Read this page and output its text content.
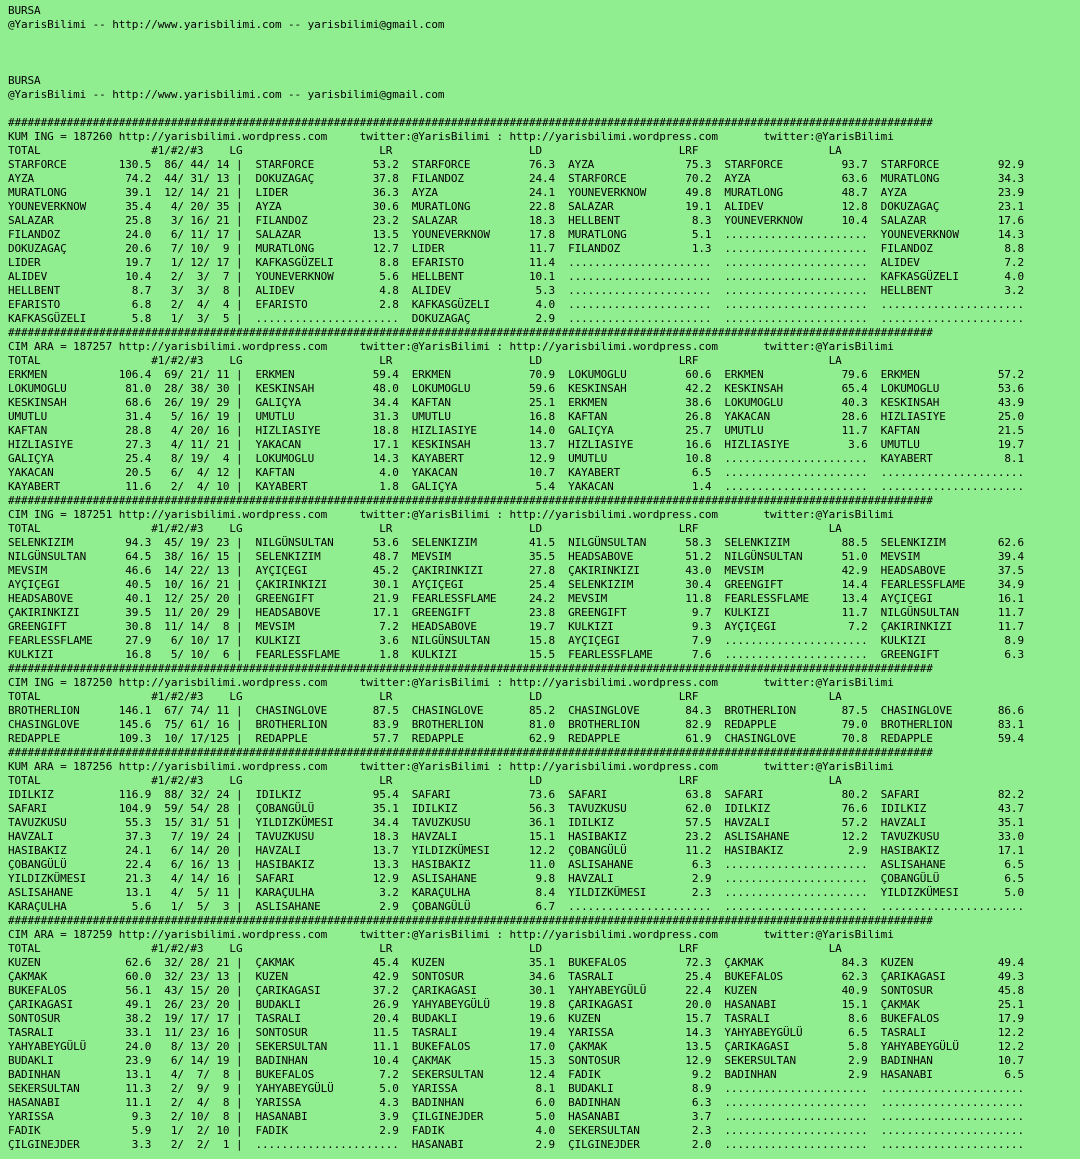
BURSA
@YarisBilimi -- http://www.yarisbilimi.com -- yarisbilimi@gmail.com
BURSA
@YarisBilimi -- http://www.yarisbilimi.com -- yarisbilimi@gmail.com
##############################################################################################################################################
KUM ING = 187260 http://yarisbilimi.wordpress.com     twitter:@YarisBilimi : http://yarisbilimi.wordpress.com       twitter:@YarisBilimi
TOTAL                 #1/#2/#3    LG                     LR                     LD                     LRF                    LA
STARFORCE        130.5  86/ 44/ 14 |  STARFORCE         53.2  STARFORCE         76.3  AYZA              75.3  STARFORCE         93.7  STARFORCE         92.9
AYZA              74.2  44/ 31/ 13 |  DOKUZAGAÇ         37.8  FILANDOZ          24.4  STARFORCE         70.2  AYZA              63.6  MURATLONG         34.3
MURATLONG         39.1  12/ 14/ 21 |  LIDER             36.3  AYZA              24.1  YOUNEVERKNOW      49.8  MURATLONG         48.7  AYZA              23.9
YOUNEVERKNOW      35.4   4/ 20/ 35 |  AYZA              30.6  MURATLONG         22.8  SALAZAR           19.1  ALIDEV            12.8  DOKUZAGAÇ         23.1
SALAZAR           25.8   3/ 16/ 21 |  FILANDOZ          23.2  SALAZAR           18.3  HELLBENT           8.3  YOUNEVERKNOW      10.4  SALAZAR           17.6
FILANDOZ          24.0   6/ 11/ 17 |  SALAZAR           13.5  YOUNEVERKNOW      17.8  MURATLONG          5.1  ......................  YOUNEVERKNOW      14.3
DOKUZAGAÇ         20.6   7/ 10/  9 |  MURATLONG         12.7  LIDER             11.7  FILANDOZ           1.3  ......................  FILANDOZ           8.8
LIDER             19.7   1/ 12/ 17 |  KAFKASGÜZELI       8.8  EFARISTO          11.4  ......................  ......................  ALIDEV             7.2
ALIDEV            10.4   2/  3/  7 |  YOUNEVERKNOW       5.6  HELLBENT          10.1  ......................  ......................  KAFKASGÜZELI       4.0
HELLBENT           8.7   3/  3/  8 |  ALIDEV             4.8  ALIDEV             5.3  ......................  ......................  HELLBENT           3.2
EFARISTO           6.8   2/  4/  4 |  EFARISTO           2.8  KAFKASGÜZELI       4.0  ......................  ......................  ......................
KAFKASGÜZELI       5.8   1/  3/  5 |  ......................  DOKUZAGAÇ          2.9  ......................  ......................  ......................
##############################################################################################################################################
CIM ARA = 187257 http://yarisbilimi.wordpress.com     twitter:@YarisBilimi : http://yarisbilimi.wordpress.com       twitter:@YarisBilimi
TOTAL                 #1/#2/#3    LG                     LR                     LD                     LRF                    LA
ERKMEN           106.4  69/ 21/ 11 |  ERKMEN            59.4  ERKMEN            70.9  LOKUMOGLU         60.6  ERKMEN            79.6  ERKMEN            57.2
LOKUMOGLU         81.0  28/ 38/ 30 |  KESKINSAH         48.0  LOKUMOGLU         59.6  KESKINSAH         42.2  KESKINSAH         65.4  LOKUMOGLU         53.6
KESKINSAH         68.6  26/ 19/ 29 |  GALIÇYA           34.4  KAFTAN            25.1  ERKMEN            38.6  LOKUMOGLU         40.3  KESKINSAH         43.9
UMUTLU            31.4   5/ 16/ 19 |  UMUTLU            31.3  UMUTLU            16.8  KAFTAN            26.8  YAKACAN           28.6  HIZLIASIYE        25.0
KAFTAN            28.8   4/ 20/ 16 |  HIZLIASIYE        18.8  HIZLIASIYE        14.0  GALIÇYA           25.7  UMUTLU            11.7  KAFTAN            21.5
HIZLIASIYE        27.3   4/ 11/ 21 |  YAKACAN           17.1  KESKINSAH         13.7  HIZLIASIYE        16.6  HIZLIASIYE         3.6  UMUTLU            19.7
GALIÇYA           25.4   8/ 19/  4 |  LOKUMOGLU         14.3  KAYABERT          12.9  UMUTLU            10.8  ......................  KAYABERT           8.1
YAKACAN           20.5   6/  4/ 12 |  KAFTAN             4.0  YAKACAN           10.7  KAYABERT           6.5  ......................  ......................
KAYABERT          11.6   2/  4/ 10 |  KAYABERT           1.8  GALIÇYA            5.4  YAKACAN            1.4  ......................  ......................
##############################################################################################################################################
CIM ING = 187251 http://yarisbilimi.wordpress.com     twitter:@YarisBilimi : http://yarisbilimi.wordpress.com       twitter:@YarisBilimi
TOTAL                 #1/#2/#3    LG                     LR                     LD                     LRF                    LA
SELENKIZIM        94.3  45/ 19/ 23 |  NILGÜNSULTAN      53.6  SELENKIZIM        41.5  NILGÜNSULTAN      58.3  SELENKIZIM        88.5  SELENKIZIM        62.6
NILGÜNSULTAN      64.5  38/ 16/ 15 |  SELENKIZIM        48.7  MEVSIM            35.5  HEADSABOVE        51.2  NILGÜNSULTAN      51.0  MEVSIM            39.4
MEVSIM            46.6  14/ 22/ 13 |  AYÇIÇEGI          45.2  ÇAKIRINKIZI       27.8  ÇAKIRINKIZI       43.0  MEVSIM            42.9  HEADSABOVE        37.5
AYÇIÇEGI          40.5  10/ 16/ 21 |  ÇAKIRINKIZI       30.1  AYÇIÇEGI          25.4  SELENKIZIM        30.4  GREENGIFT         14.4  FEARLESSFLAME     34.9
HEADSABOVE        40.1  12/ 25/ 20 |  GREENGIFT         21.9  FEARLESSFLAME     24.2  MEVSIM            11.8  FEARLESSFLAME     13.4  AYÇIÇEGI          16.1
ÇAKIRINKIZI       39.5  11/ 20/ 29 |  HEADSABOVE        17.1  GREENGIFT         23.8  GREENGIFT          9.7  KULKIZI           11.7  NILGÜNSULTAN      11.7
GREENGIFT         30.8  11/ 14/  8 |  MEVSIM             7.2  HEADSABOVE        19.7  KULKIZI            9.3  AYÇIÇEGI           7.2  ÇAKIRINKIZI       11.7
FEARLESSFLAME     27.9   6/ 10/ 17 |  KULKIZI            3.6  NILGÜNSULTAN      15.8  AYÇIÇEGI           7.9  ......................  KULKIZI            8.9
KULKIZI           16.8   5/ 10/  6 |  FEARLESSFLAME      1.8  KULKIZI           15.5  FEARLESSFLAME      7.6  ......................  GREENGIFT          6.3
##############################################################################################################################################
CIM ING = 187250 http://yarisbilimi.wordpress.com     twitter:@YarisBilimi : http://yarisbilimi.wordpress.com       twitter:@YarisBilimi
TOTAL                 #1/#2/#3    LG                     LR                     LD                     LRF                    LA
BROTHERLION      146.1  67/ 74/ 11 |  CHASINGLOVE       87.5  CHASINGLOVE       85.2  CHASINGLOVE       84.3  BROTHERLION       87.5  CHASINGLOVE       86.6
CHASINGLOVE      145.6  75/ 61/ 16 |  BROTHERLION       83.9  BROTHERLION       81.0  BROTHERLION       82.9  REDAPPLE          79.0  BROTHERLION       83.1
REDAPPLE         109.3  10/ 17/125 |  REDAPPLE          57.7  REDAPPLE          62.9  REDAPPLE          61.9  CHASINGLOVE       70.8  REDAPPLE          59.4
##############################################################################################################################################
KUM ARA = 187256 http://yarisbilimi.wordpress.com     twitter:@YarisBilimi : http://yarisbilimi.wordpress.com       twitter:@YarisBilimi
TOTAL                 #1/#2/#3    LG                     LR                     LD                     LRF                    LA
IDILKIZ          116.9  88/ 32/ 24 |  IDILKIZ           95.4  SAFARI            73.6  SAFARI            63.8  SAFARI            80.2  SAFARI            82.2
SAFARI           104.9  59/ 54/ 28 |  ÇOBANGÜLÜ         35.1  IDILKIZ           56.3  TAVUZKUSU         62.0  IDILKIZ           76.6  IDILKIZ           43.7
TAVUZKUSU         55.3  15/ 31/ 51 |  YILDIZKÜMESI      34.4  TAVUZKUSU         36.1  IDILKIZ           57.5  HAVZALI           57.2  HAVZALI           35.1
HAVZALI           37.3   7/ 19/ 24 |  TAVUZKUSU         18.3  HAVZALI           15.1  HASIBAKIZ         23.2  ASLISAHANE        12.2  TAVUZKUSU         33.0
HASIBAKIZ         24.1   6/ 14/ 20 |  HAVZALI           13.7  YILDIZKÜMESI      12.2  ÇOBANGÜLÜ         11.2  HASIBAKIZ          2.9  HASIBAKIZ         17.1
ÇOBANGÜLÜ         22.4   6/ 16/ 13 |  HASIBAKIZ         13.3  HASIBAKIZ         11.0  ASLISAHANE         6.3  ......................  ASLISAHANE         6.5
YILDIZKÜMESI      21.3   4/ 14/ 16 |  SAFARI            12.9  ASLISAHANE         9.8  HAVZALI            2.9  ......................  ÇOBANGÜLÜ          6.5
ASLISAHANE        13.1   4/  5/ 11 |  KARAÇULHA          3.2  KARAÇULHA          8.4  YILDIZKÜMESI       2.3  ......................  YILDIZKÜMESI       5.0
KARAÇULHA          5.6   1/  5/  3 |  ASLISAHANE         2.9  ÇOBANGÜLÜ          6.7  ......................  ......................  ......................
##############################################################################################################################################
CIM ARA = 187259 http://yarisbilimi.wordpress.com     twitter:@YarisBilimi : http://yarisbilimi.wordpress.com       twitter:@YarisBilimi
TOTAL                 #1/#2/#3    LG                     LR                     LD                     LRF                    LA
KUZEN             62.6  32/ 28/ 21 |  ÇAKMAK            45.4  KUZEN             35.1  BUKEFALOS         72.3  ÇAKMAK            84.3  KUZEN             49.4
ÇAKMAK            60.0  32/ 23/ 13 |  KUZEN             42.9  SONTOSUR          34.6  TASRALI           25.4  BUKEFALOS         62.3  ÇARIKAGASI        49.3
BUKEFALOS         56.1  43/ 15/ 20 |  ÇARIKAGASI        37.2  ÇARIKAGASI        30.1  YAHYABEYGÜLÜ      22.4  KUZEN             40.9  SONTOSUR          45.8
ÇARIKAGASI        49.1  26/ 23/ 20 |  BUDAKLI           26.9  YAHYABEYGÜLÜ      19.8  ÇARIKAGASI        20.0  HASANABI          15.1  ÇAKMAK            25.1
SONTOSUR          38.2  19/ 17/ 17 |  TASRALI           20.4  BUDAKLI           19.6  KUZEN             15.7  TASRALI            8.6  BUKEFALOS         17.9
TASRALI           33.1  11/ 23/ 16 |  SONTOSUR          11.5  TASRALI           19.4  YARISSA           14.3  YAHYABEYGÜLÜ       6.5  TASRALI           12.2
YAHYABEYGÜLÜ      24.0   8/ 13/ 20 |  SEKERSULTAN       11.1  BUKEFALOS         17.0  ÇAKMAK            13.5  ÇARIKAGASI         5.8  YAHYABEYGÜLÜ      12.2
BUDAKLI           23.9   6/ 14/ 19 |  BADINHAN          10.4  ÇAKMAK            15.3  SONTOSUR          12.9  SEKERSULTAN        2.9  BADINHAN          10.7
BADINHAN          13.1   4/  7/  8 |  BUKEFALOS          7.2  SEKERSULTAN       12.4  FADIK              9.2  BADINHAN           2.9  HASANABI           6.5
SEKERSULTAN       11.3   2/  9/  9 |  YAHYABEYGÜLÜ       5.0  YARISSA            8.1  BUDAKLI            8.9  ......................  ......................
HASANABI          11.1   2/  4/  8 |  YARISSA            4.3  BADINHAN           6.0  BADINHAN           6.3  ......................  ......................
YARISSA            9.3   2/ 10/  8 |  HASANABI           3.9  ÇILGINEJDER        5.0  HASANABI           3.7  ......................  ......................
FADIK              5.9   1/  2/ 10 |  FADIK              2.9  FADIK              4.0  SEKERSULTAN        2.3  ......................  ......................
ÇILGINEJDER        3.3   2/  2/  1 |  ......................  HASANABI           2.9  ÇILGINEJDER        2.0  ......................  ......................
